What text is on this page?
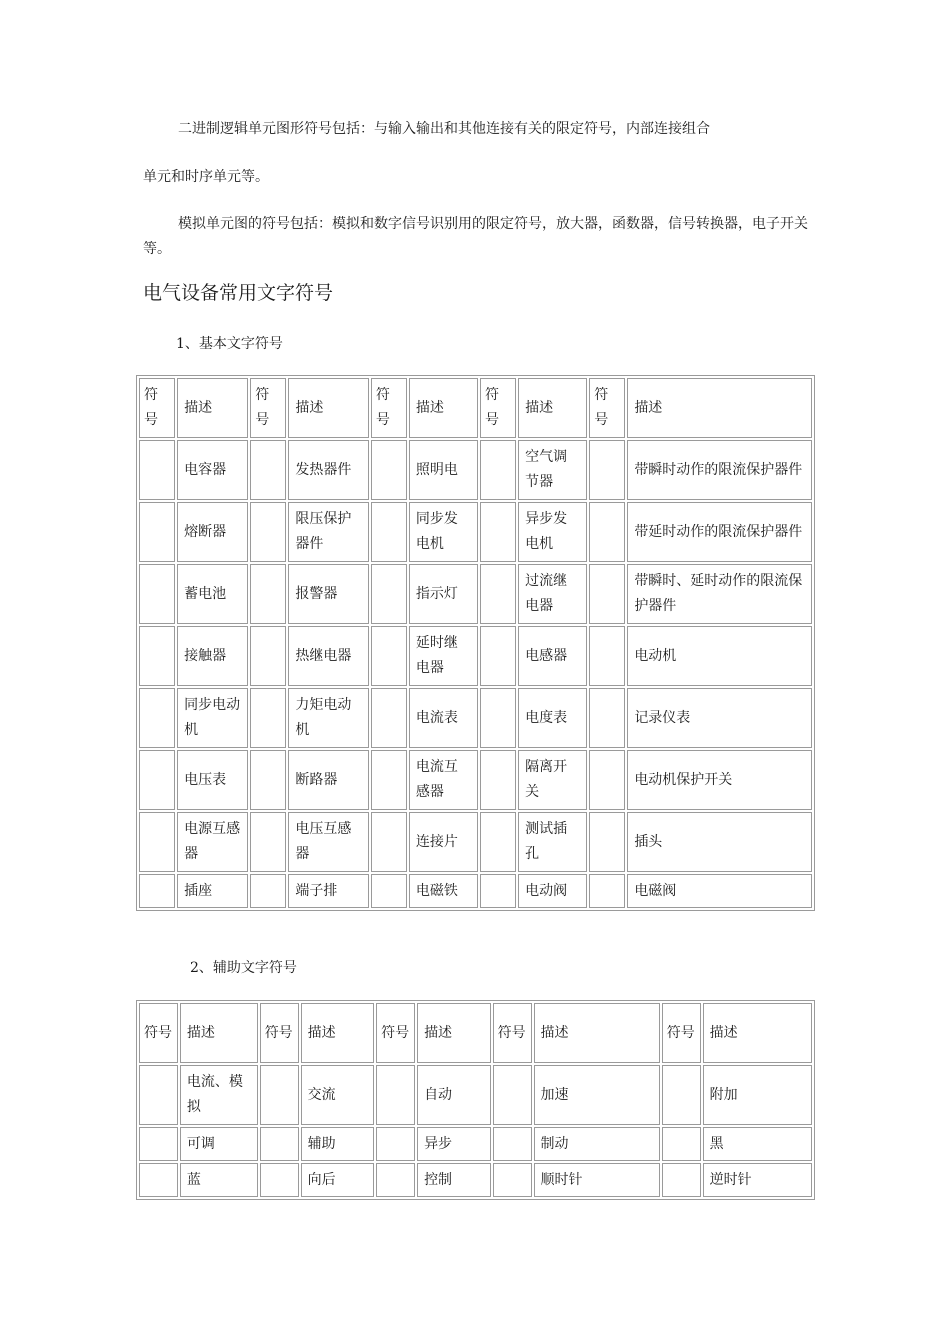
二进制逻辑单元图形符号包括：与输入输出和其他连接有关的限定符号，内部连接组合

单元和时序单元等。

模拟单元图的符号包括：模拟和数字信号识别用的限定符号，放大器，函数器，信号转换器，电子开关等。

电气设备常用文字符号

1、基本文字符号

符号	描述	符号	描述	符号	描述	符号	描述	符号	描述
	电容器		发热器件		照明电		空气调节器		带瞬时动作的限流保护器件
	熔断器		限压保护器件		同步发电机		异步发电机		带延时动作的限流保护器件
	蓄电池		报警器		指示灯		过流继电器		带瞬时、延时动作的限流保护器件
	接触器		热继电器		延时继电器		电感器		电动机
	同步电动机		力矩电动机		电流表		电度表		记录仪表
	电压表		断路器		电流互感器		隔离开关		电动机保护开关
	电源互感器		电压互感器		连接片		测试插孔		插头
	插座		端子排		电磁铁		电动阀		电磁阀

2、辅助文字符号

符号	描述	符号	描述	符号	描述	符号	描述	符号	描述
	电流、模拟		交流		自动		加速		附加
	可调		辅助		异步		制动		黑
	蓝		向后		控制		顺时针		逆时针
